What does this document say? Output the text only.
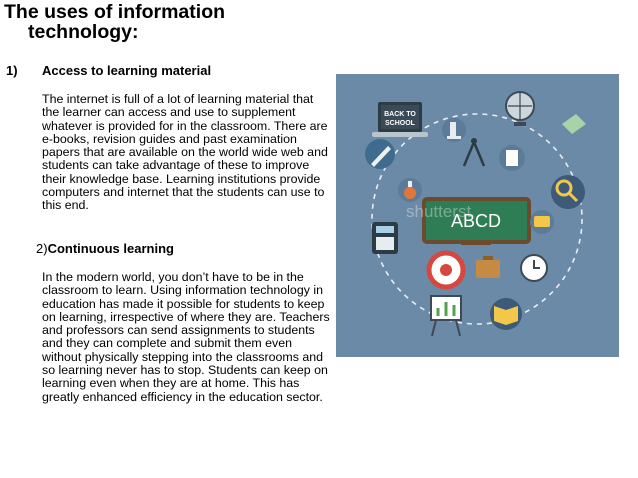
The uses of information
technology:
1) Access to learning material
The internet is full of a lot of learning material that the learner can access and use to supplement whatever is provided for in the classroom. There are e-books, revision guides and past examination papers that are available on the world wide web and students can take advantage of these to improve their knowledge base. Learning institutions provide computers and internet that the students can use to this end.
2)Continuous learning
In the modern world, you don’t have to be in the classroom to learn. Using information technology in education has made it possible for students to keep on learning, irrespective of where they are. Teachers and professors can send assignments to students and they can complete and submit them even without physically stepping into the classrooms and so learning never has to stop. Students can keep on learning even when they are at home. This has greatly enhanced efficiency in the education sector.
BACK TO
SCHOOL
ABCD
shutterst
